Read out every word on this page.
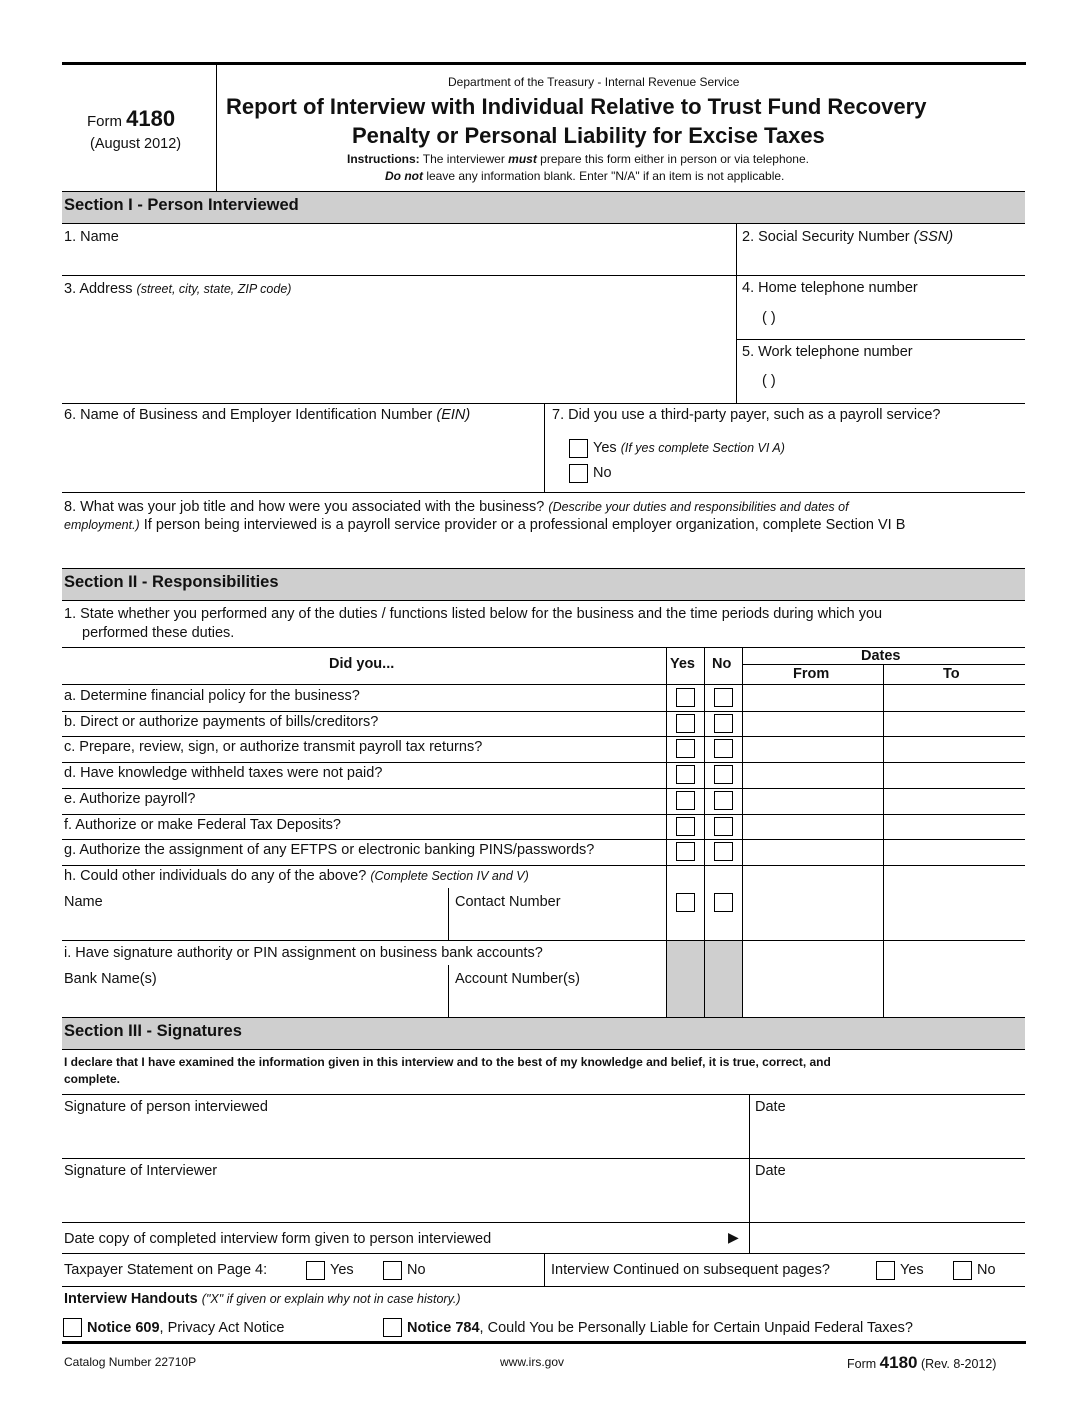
Form 4180
(August 2012)
Department of the Treasury - Internal Revenue Service
Report of Interview with Individual Relative to Trust Fund Recovery
Penalty or Personal Liability for Excise Taxes
Instructions: The interviewer must prepare this form either in person or via telephone.
Do not leave any information blank. Enter "N/A" if an item is not applicable.
Section I - Person Interviewed
1. Name	2. Social Security Number (SSN)
3. Address (street, city, state, ZIP code)	4. Home telephone number
( )
5. Work telephone number
( )
6. Name of Business and Employer Identification Number (EIN)	7. Did you use a third-party payer, such as a payroll service?
Yes (If yes complete Section VI A)
No
8. What was your job title and how were you associated with the business? (Describe your duties and responsibilities and dates of
employment.) If person being interviewed is a payroll service provider or a professional employer organization, complete Section VI B
Section II - Responsibilities
1. State whether you performed any of the duties / functions listed below for the business and the time periods during which you
performed these duties.
Did you...	Yes No	Dates
From	To
a. Determine financial policy for the business?
b. Direct or authorize payments of bills/creditors?
c. Prepare, review, sign, or authorize transmit payroll tax returns?
d. Have knowledge withheld taxes were not paid?
e. Authorize payroll?
f. Authorize or make Federal Tax Deposits?
g. Authorize the assignment of any EFTPS or electronic banking PINS/passwords?
h. Could other individuals do any of the above? (Complete Section IV and V)
Name	Contact Number
i. Have signature authority or PIN assignment on business bank accounts?
Bank Name(s)	Account Number(s)
Section III - Signatures
I declare that I have examined the information given in this interview and to the best of my knowledge and belief, it is true, correct, and
complete.
Signature of person interviewed	Date
Signature of Interviewer	Date
Date copy of completed interview form given to person interviewed	▶
Taxpayer Statement on Page 4:	Yes	No	Interview Continued on subsequent pages?	Yes	No
Interview Handouts ("X" if given or explain why not in case history.)
Notice 609, Privacy Act Notice	Notice 784, Could You be Personally Liable for Certain Unpaid Federal Taxes?
Catalog Number 22710P	www.irs.gov	Form 4180 (Rev. 8-2012)
